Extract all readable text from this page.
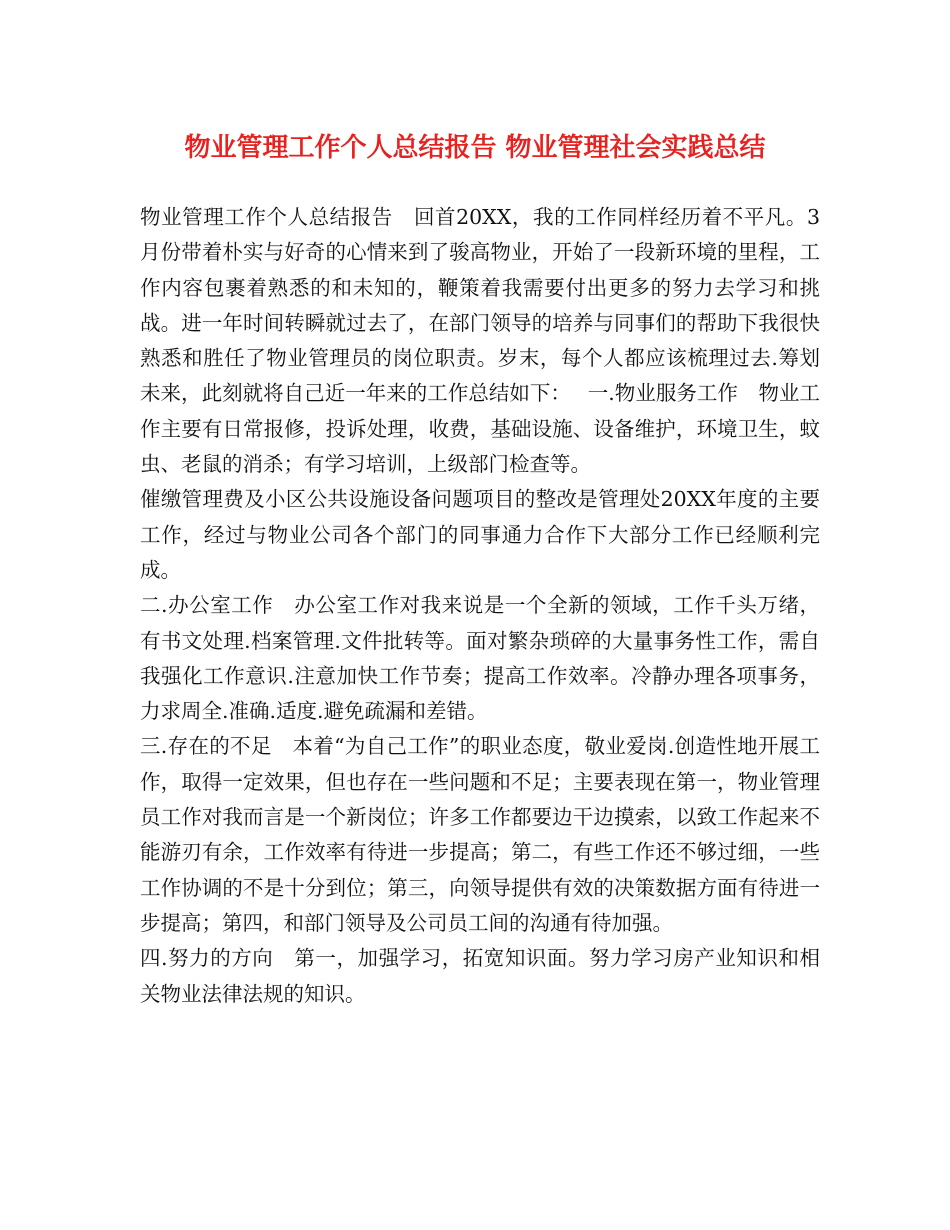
物业管理工作个人总结报告 物业管理社会实践总结

物业管理工作个人总结报告　回首20XX，我的工作同样经历着不平凡。3月份带着朴实与好奇的心情来到了骏高物业，开始了一段新环境的里程，工作内容包裹着熟悉的和未知的，鞭策着我需要付出更多的努力去学习和挑战。进一年时间转瞬就过去了，在部门领导的培养与同事们的帮助下我很快熟悉和胜任了物业管理员的岗位职责。岁末，每个人都应该梳理过去.筹划未来，此刻就将自己近一年来的工作总结如下：　 一.物业服务工作　物业工作主要有日常报修，投诉处理，收费，基础设施、设备维护，环境卫生，蚊虫、老鼠的消杀；有学习培训，上级部门检查等。

催缴管理费及小区公共设施设备问题项目的整改是管理处20XX年度的主要工作，经过与物业公司各个部门的同事通力合作下大部分工作已经顺利完成。

二.办公室工作　办公室工作对我来说是一个全新的领域，工作千头万绪，有书文处理.档案管理.文件批转等。面对繁杂琐碎的大量事务性工作，需自我强化工作意识.注意加快工作节奏；提高工作效率。冷静办理各项事务，力求周全.准确.适度.避免疏漏和差错。

三.存在的不足　本着“为自己工作”的职业态度，敬业爱岗.创造性地开展工作，取得一定效果，但也存在一些问题和不足；主要表现在第一，物业管理员工作对我而言是一个新岗位；许多工作都要边干边摸索，以致工作起来不能游刃有余，工作效率有待进一步提高；第二，有些工作还不够过细，一些工作协调的不是十分到位；第三，向领导提供有效的决策数据方面有待进一步提高；第四，和部门领导及公司员工间的沟通有待加强。

四.努力的方向　第一，加强学习，拓宽知识面。努力学习房产业知识和相关物业法律法规的知识。
